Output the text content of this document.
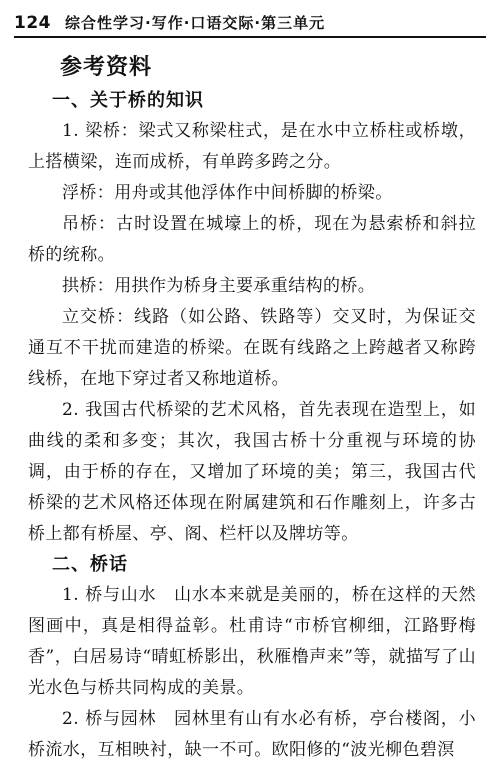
124 综合性学习·写作·口语交际·第三单元
参考资料
一、关于桥的知识

1. 梁桥：梁式又称梁柱式，是在水中立桥柱或桥墩，上搭横梁，连而成桥，有单跨多跨之分。

浮桥：用舟或其他浮体作中间桥脚的桥梁。

吊桥：古时设置在城壕上的桥，现在为悬索桥和斜拉桥的统称。

拱桥：用拱作为桥身主要承重结构的桥。

立交桥：线路（如公路、铁路等）交叉时，为保证交通互不干扰而建造的桥梁。在既有线路之上跨越者又称跨线桥，在地下穿过者又称地道桥。

2. 我国古代桥梁的艺术风格，首先表现在造型上，如曲线的柔和多变；其次，我国古桥十分重视与环境的协调，由于桥的存在，又增加了环境的美；第三，我国古代桥梁的艺术风格还体现在附属建筑和石作雕刻上，许多古桥上都有桥屋、亭、阁、栏杆以及牌坊等。

二、桥话

1. 桥与山水　山水本来就是美丽的，桥在这样的天然图画中，真是相得益彰。杜甫诗“市桥官柳细，江路野梅香”，白居易诗“晴虹桥影出，秋雁橹声来”等，就描写了山光水色与桥共同构成的美景。

2. 桥与园林　园林里有山有水必有桥，亭台楼阁，小桥流水，互相映衬，缺一不可。欧阳修的“波光柳色碧溟
